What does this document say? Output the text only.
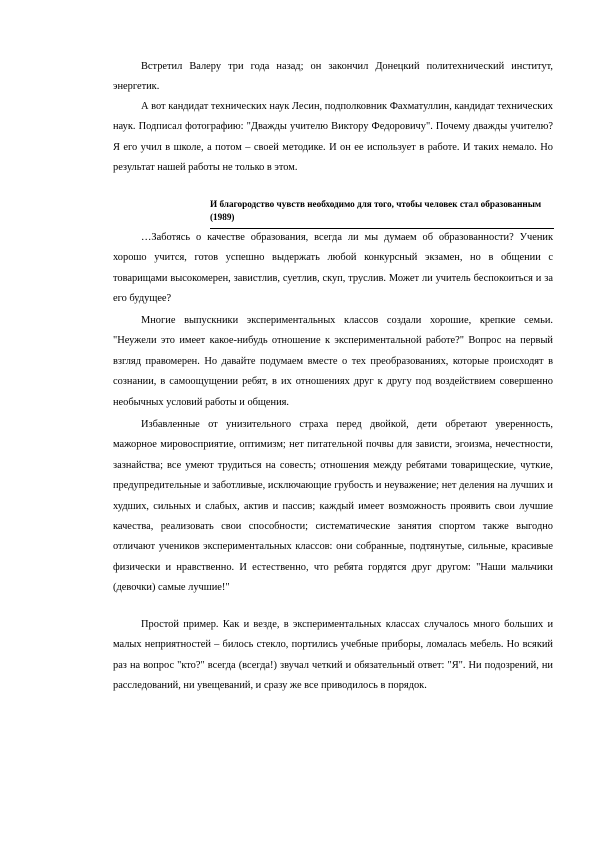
Встретил Валеру три года назад; он закончил Донецкий политехнический институт, энергетик.

А вот кандидат технических наук Лесин, подполковник Фахматуллин, кандидат технических наук. Подписал фотографию: "Дважды учителю Виктору Федоровичу". Почему дважды учителю? Я его учил в школе, а потом – своей методике. И он ее использует в работе. И таких немало. Но результат нашей работы не только в этом.

И благородство чувств необходимо для того, чтобы человек стал образованным (1989)

…Заботясь о качестве образования, всегда ли мы думаем об образованности? Ученик хорошо учится, готов успешно выдержать любой конкурсный экзамен, но в общении с товарищами высокомерен, завистлив, суетлив, скуп, труслив. Может ли учитель беспокоиться и за его будущее?

Многие выпускники экспериментальных классов создали хорошие, крепкие семьи. "Неужели это имеет какое-нибудь отношение к экспериментальной работе?" Вопрос на первый взгляд правомерен. Но давайте подумаем вместе о тех преобразованиях, которые происходят в сознании, в самоощущении ребят, в их отношениях друг к другу под воздействием совершенно необычных условий работы и общения.

Избавленные от унизительного страха перед двойкой, дети обретают уверенность, мажорное мировосприятие, оптимизм; нет питательной почвы для зависти, эгоизма, нечестности, зазнайства; все умеют трудиться на совесть; отношения между ребятами товарищеские, чуткие, предупредительные и заботливые, исключающие грубость и неуважение; нет деления на лучших и худших, сильных и слабых, актив и пассив; каждый имеет возможность проявить свои лучшие качества, реализовать свои способности; систематические занятия спортом также выгодно отличают учеников экспериментальных классов: они собранные, подтянутые, сильные, красивые физически и нравственно. И естественно, что ребята гордятся друг другом: "Наши мальчики (девочки) самые лучшие!"

Простой пример. Как и везде, в экспериментальных классах случалось много больших и малых неприятностей – билось стекло, портились учебные приборы, ломалась мебель. Но всякий раз на вопрос "кто?" всегда (всегда!) звучал четкий и обязательный ответ: "Я". Ни подозрений, ни расследований, ни увещеваний, и сразу же все приводилось в порядок.
